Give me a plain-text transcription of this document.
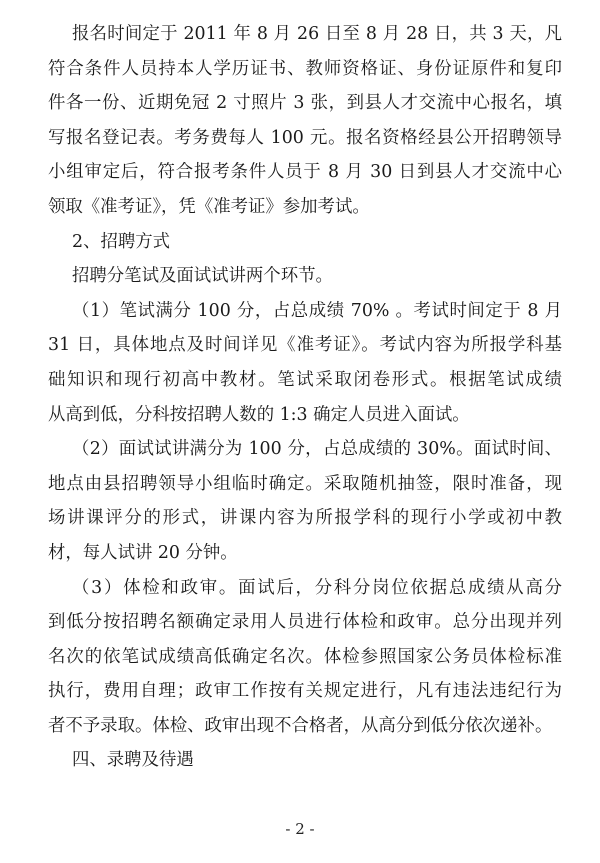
报名时间定于 2011 年 8 月 26 日至 8 月 28 日，共 3 天，凡
符合条件人员持本人学历证书、教师资格证、身份证原件和复印
件各一份、近期免冠 2 寸照片 3 张，到县人才交流中心报名，填
写报名登记表。考务费每人 100 元。报名资格经县公开招聘领导
小组审定后，符合报考条件人员于 8 月 30 日到县人才交流中心
领取《准考证》，凭《准考证》参加考试。
2、招聘方式
招聘分笔试及面试试讲两个环节。
（1）笔试满分 100 分，占总成绩 70% 。考试时间定于 8 月
31 日，具体地点及时间详见《准考证》。考试内容为所报学科基
础知识和现行初高中教材。笔试采取闭卷形式。根据笔试成绩
从高到低，分科按招聘人数的 1:3 确定人员进入面试。
（2）面试试讲满分为 100 分，占总成绩的 30%。面试时间、
地点由县招聘领导小组临时确定。采取随机抽签，限时准备，现
场讲课评分的形式，讲课内容为所报学科的现行小学或初中教
材，每人试讲 20 分钟。
（3）体检和政审。面试后，分科分岗位依据总成绩从高分
到低分按招聘名额确定录用人员进行体检和政审。总分出现并列
名次的依笔试成绩高低确定名次。体检参照国家公务员体检标准
执行，费用自理；政审工作按有关规定进行，凡有违法违纪行为
者不予录取。体检、政审出现不合格者，从高分到低分依次递补。
四、录聘及待遇
- 2 -
